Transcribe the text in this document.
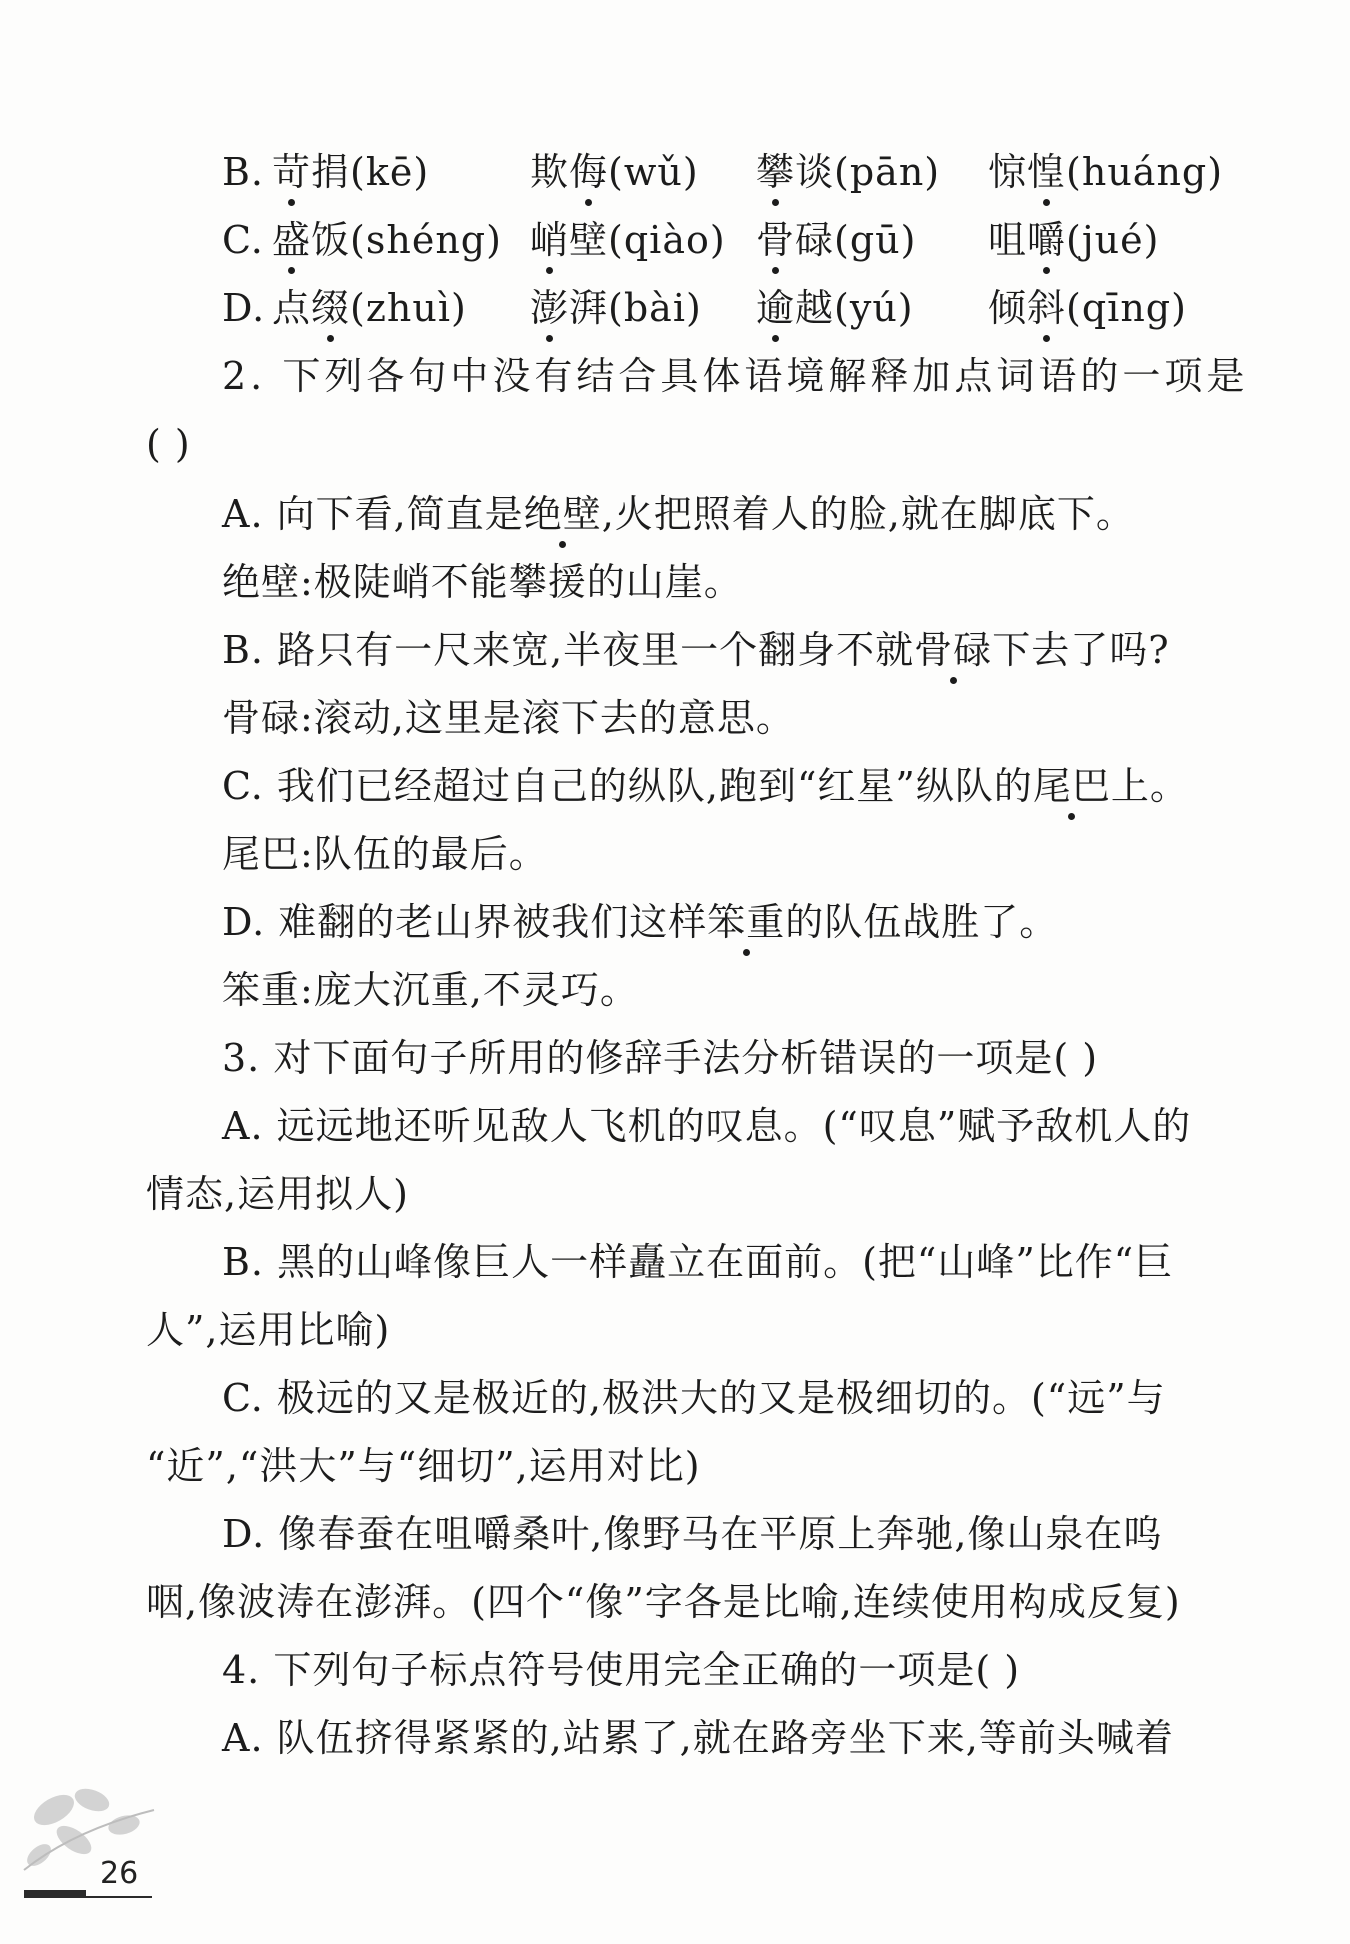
B. 苛捐(kē)	欺侮(wǔ) 攀谈(pān) 惊惶(huáng)
C. 盛饭(shéng) 峭壁(qiào) 骨碌(gū) 咀嚼(jué)
D. 点缀(zhuì) 澎湃(bài) 逾越(yú) 倾斜(qīng)
2. 下列各句中没有结合具体语境解释加点词语的一项是
( )
A. 向下看,简直是绝壁,火把照着人的脸,就在脚底下。
绝壁:极陡峭不能攀援的山崖。
B. 路只有一尺来宽,半夜里一个翻身不就骨碌下去了吗?
骨碌:滚动,这里是滚下去的意思。
C. 我们已经超过自己的纵队,跑到“红星”纵队的尾巴上。
尾巴:队伍的最后。
D. 难翻的老山界被我们这样笨重的队伍战胜了。
笨重:庞大沉重,不灵巧。
3. 对下面句子所用的修辞手法分析错误的一项是( )
A. 远远地还听见敌人飞机的叹息。(“叹息”赋予敌机人的
情态,运用拟人)
B. 黑的山峰像巨人一样矗立在面前。(把“山峰”比作“巨
人”,运用比喻)
C. 极远的又是极近的,极洪大的又是极细切的。(“远”与
“近”,“洪大”与“细切”,运用对比)
D. 像春蚕在咀嚼桑叶,像野马在平原上奔驰,像山泉在呜
咽,像波涛在澎湃。(四个“像”字各是比喻,连续使用构成反复)
4. 下列句子标点符号使用完全正确的一项是( )
A. 队伍挤得紧紧的,站累了,就在路旁坐下来,等前头喊着
26
